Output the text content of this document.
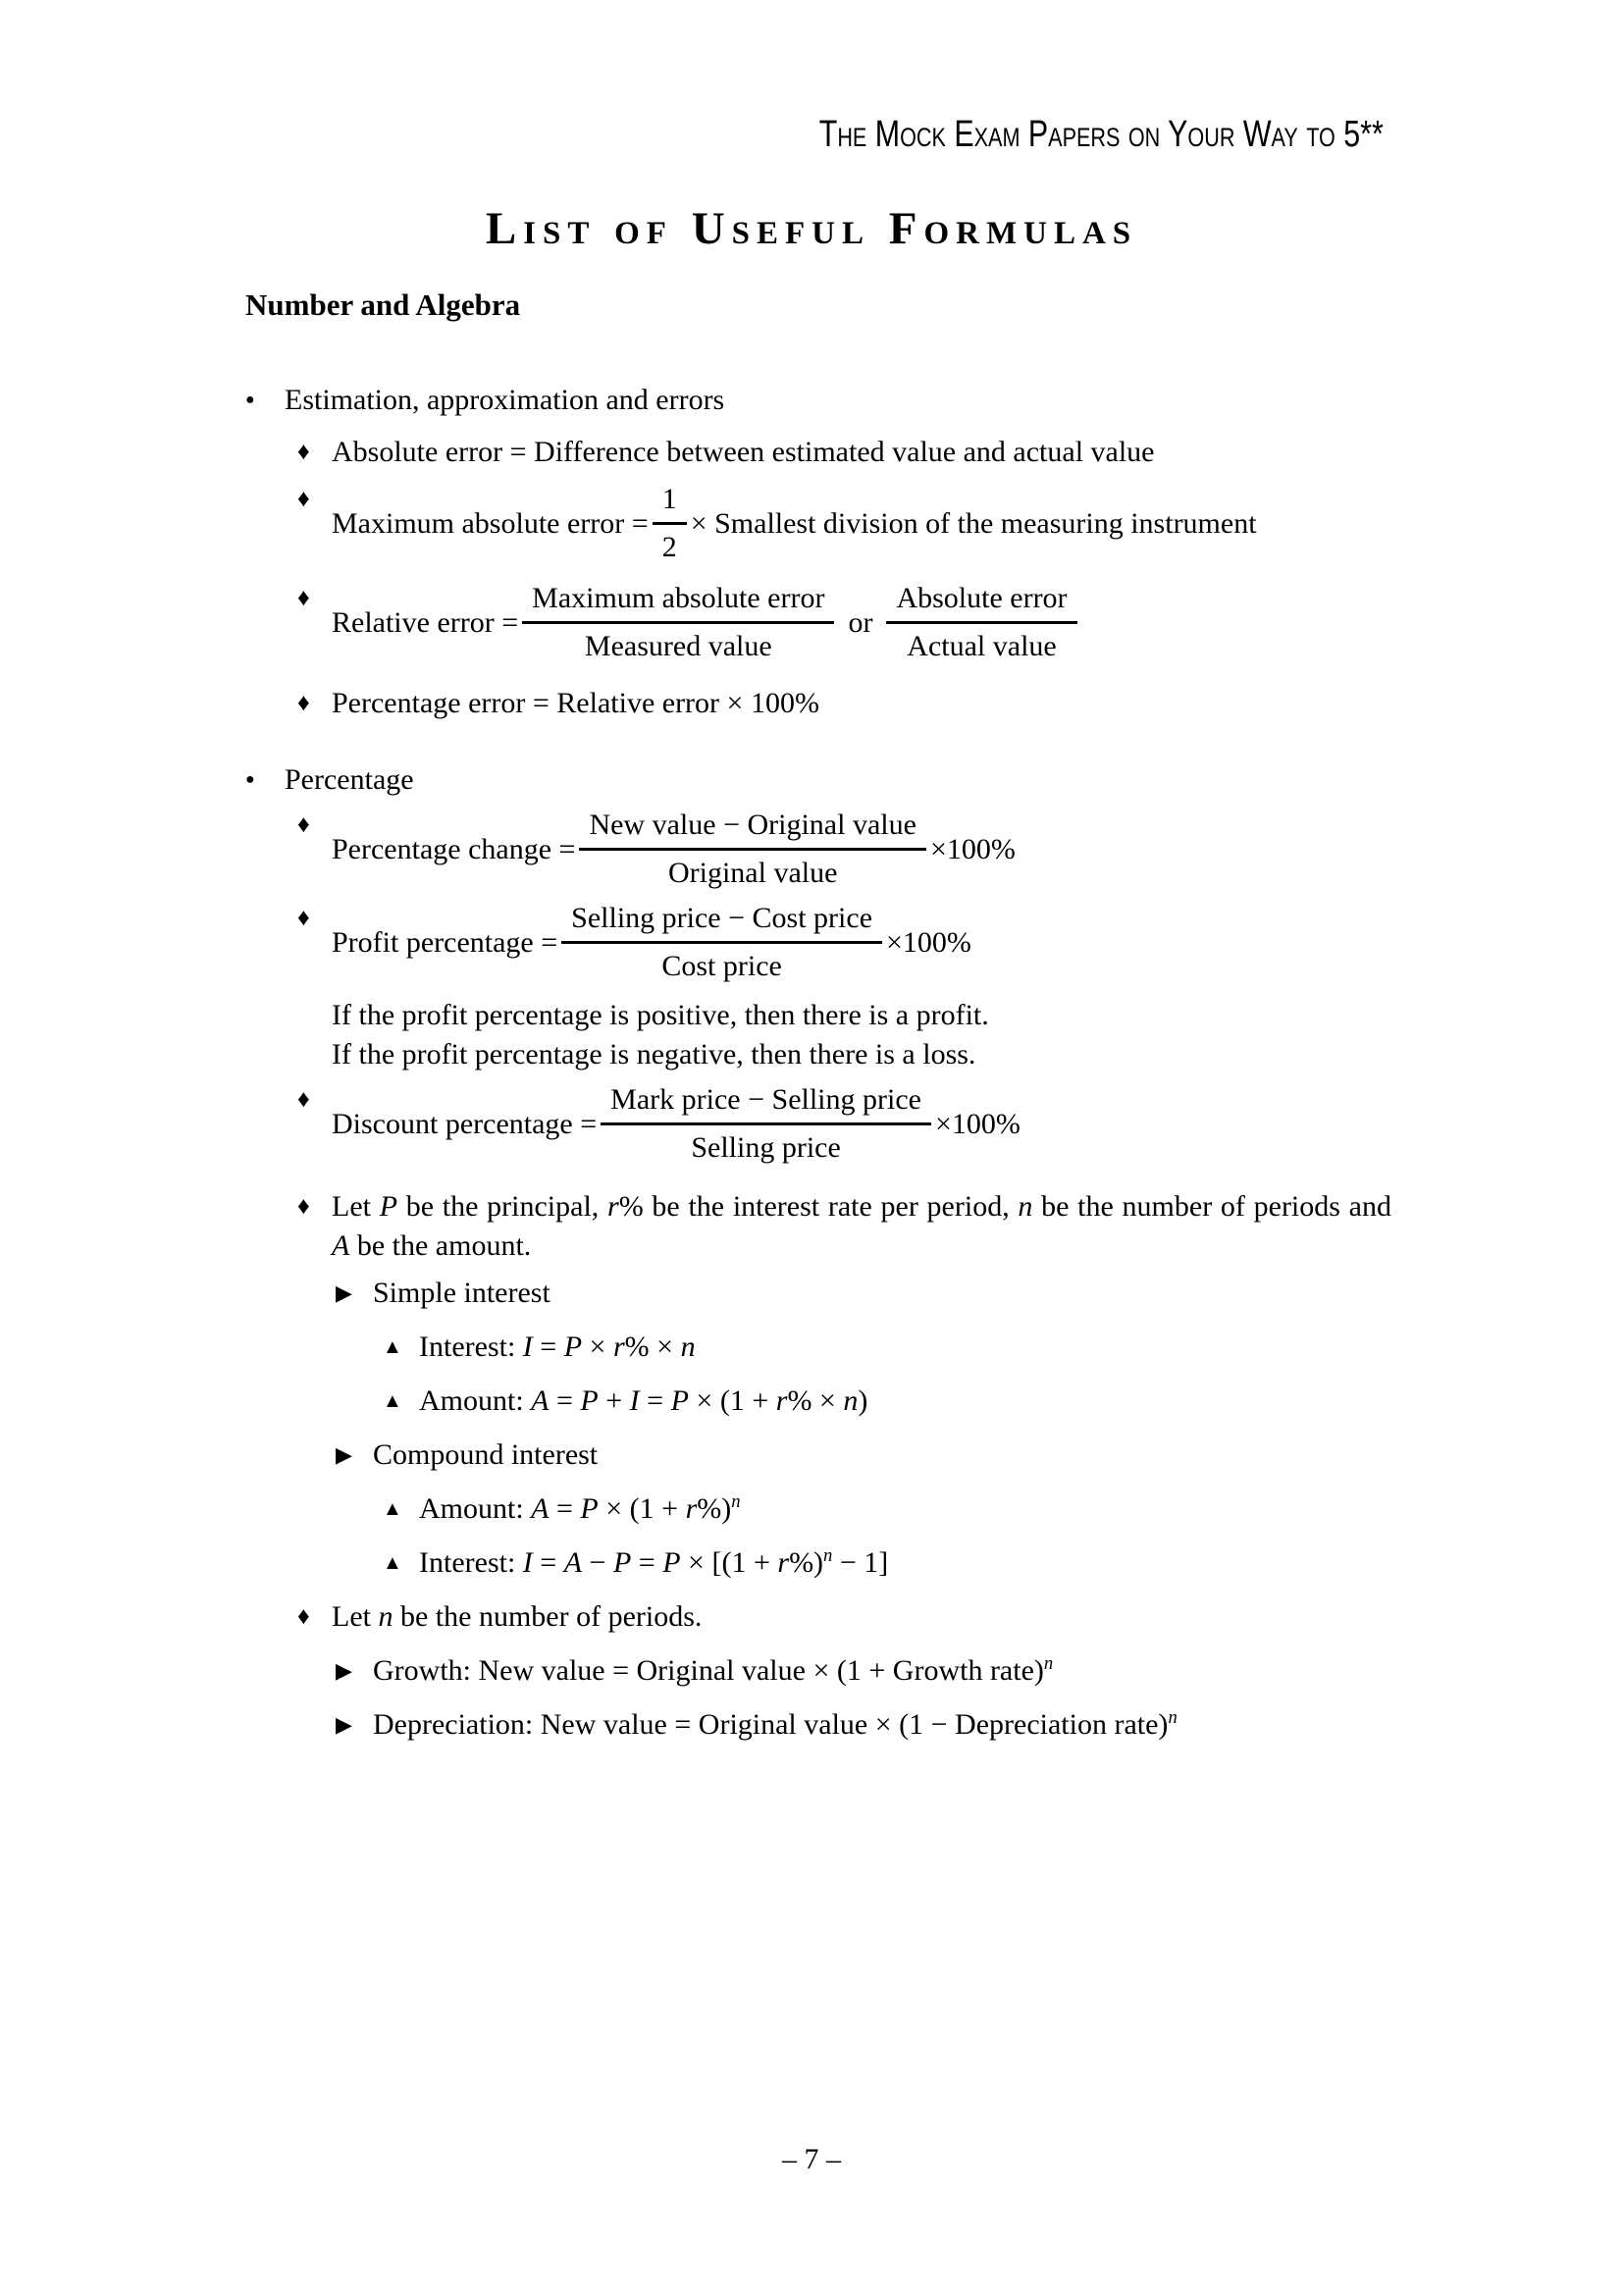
The Mock Exam Papers on Your Way to 5**
List of Useful Formulas
Number and Algebra
●	Estimation, approximation and errors
♦ Absolute error = Difference between estimated value and actual value
♦
Maximum absolute error = $\frac{1}{2}$ × Smallest division of the measuring instrument
♦
Relative error = $\frac{\text{Maximum absolute error}}{\text{Measured value}}$ or $\frac{\text{Absolute error}}{\text{Actual value}}$
♦ Percentage error = Relative error × 100%
●	Percentage
♦
Percentage change = $\frac{\text{New value − Original value}}{\text{Original value}} \times 100\%$
♦
Profit percentage = $\frac{\text{Selling price − Cost price}}{\text{Cost price}} \times 100\%$
If the profit percentage is positive, then there is a profit.
If the profit percentage is negative, then there is a loss.
♦
Discount percentage = $\frac{\text{Mark price − Selling price}}{\text{Selling price}} \times 100\%$
♦ Let P be the principal, r% be the interest rate per period, n be the number of periods and A be the amount.
▶ Simple interest
▲ Interest: I = P × r% × n
▲ Amount: A = P + I = P × (1 + r% × n)
▶ Compound interest
▲ Amount: $A = P \times (1 + r\%)^n$
▲ Interest: $I = A - P = P \times [(1 + r\%)^n - 1]$
♦ Let n be the number of periods.
▶ Growth: New value = Original value × (1 + Growth rate)$^n$
▶ Depreciation: New value = Original value × (1 − Depreciation rate)$^n$
– 7 –
